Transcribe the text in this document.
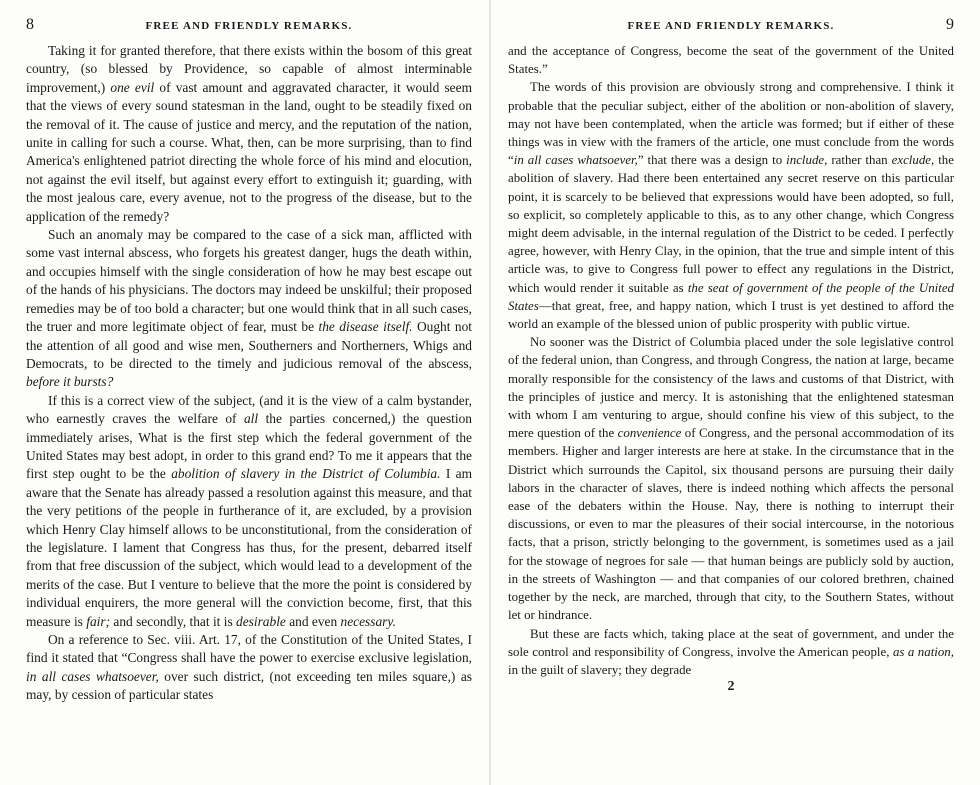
8	FREE AND FRIENDLY REMARKS.

Taking it for granted therefore, that there exists within the bosom of this great country, (so blessed by Providence, so capable of almost interminable improvement,) one evil of vast amount and aggravated character, it would seem that the views of every sound statesman in the land, ought to be steadily fixed on the removal of it. The cause of justice and mercy, and the reputation of the nation, unite in calling for such a course. What, then, can be more surprising, than to find America's enlightened patriot directing the whole force of his mind and elocution, not against the evil itself, but against every effort to extinguish it; guarding, with the most jealous care, every avenue, not to the progress of the disease, but to the application of the remedy?

Such an anomaly may be compared to the case of a sick man, afflicted with some vast internal abscess, who forgets his greatest danger, hugs the death within, and occupies himself with the single consideration of how he may best escape out of the hands of his physicians. The doctors may indeed be unskilful; their proposed remedies may be of too bold a character; but one would think that in all such cases, the truer and more legitimate object of fear, must be the disease itself. Ought not the attention of all good and wise men, Southerners and Northerners, Whigs and Democrats, to be directed to the timely and judicious removal of the abscess, before it bursts?

If this is a correct view of the subject, (and it is the view of a calm bystander, who earnestly craves the welfare of all the parties concerned,) the question immediately arises, What is the first step which the federal government of the United States may best adopt, in order to this grand end? To me it appears that the first step ought to be the abolition of slavery in the District of Columbia. I am aware that the Senate has already passed a resolution against this measure, and that the very petitions of the people in furtherance of it, are excluded, by a provision which Henry Clay himself allows to be unconstitutional, from the consideration of the legislature. I lament that Congress has thus, for the present, debarred itself from that free discussion of the subject, which would lead to a development of the merits of the case. But I venture to believe that the more the point is considered by individual enquirers, the more general will the conviction become, first, that this measure is fair; and secondly, that it is desirable and even necessary.

On a reference to Sec. viii. Art. 17, of the Constitution of the United States, I find it stated that “Congress shall have the power to exercise exclusive legislation, in all cases whatsoever, over such district, (not exceeding ten miles square,) as may, by cession of particular states

FREE AND FRIENDLY REMARKS.	9

and the acceptance of Congress, become the seat of the government of the United States.”

The words of this provision are obviously strong and comprehensive. I think it probable that the peculiar subject, either of the abolition or non-abolition of slavery, may not have been contemplated, when the article was formed; but if either of these things was in view with the framers of the article, one must conclude from the words “in all cases whatsoever,” that there was a design to include, rather than exclude, the abolition of slavery. Had there been entertained any secret reserve on this particular point, it is scarcely to be believed that expressions would have been adopted, so full, so explicit, so completely applicable to this, as to any other change, which Congress might deem advisable, in the internal regulation of the District to be ceded. I perfectly agree, however, with Henry Clay, in the opinion, that the true and simple intent of this article was, to give to Congress full power to effect any regulations in the District, which would render it suitable as the seat of government of the people of the United States—that great, free, and happy nation, which I trust is yet destined to afford the world an example of the blessed union of public prosperity with public virtue.

No sooner was the District of Columbia placed under the sole legislative control of the federal union, than Congress, and through Congress, the nation at large, became morally responsible for the consistency of the laws and customs of that District, with the principles of justice and mercy. It is astonishing that the enlightened statesman with whom I am venturing to argue, should confine his view of this subject, to the mere question of the convenience of Congress, and the personal accommodation of its members. Higher and larger interests are here at stake. In the circumstance that in the District which surrounds the Capitol, six thousand persons are pursuing their daily labors in the character of slaves, there is indeed nothing which affects the personal ease of the debaters within the House. Nay, there is nothing to interrupt their discussions, or even to mar the pleasures of their social intercourse, in the notorious facts, that a prison, strictly belonging to the government, is sometimes used as a jail for the stowage of negroes for sale — that human beings are publicly sold by auction, in the streets of Washington — and that companies of our colored brethren, chained together by the neck, are marched, through that city, to the Southern States, without let or hindrance.

But these are facts which, taking place at the seat of government, and under the sole control and responsibility of Congress, involve the American people, as a nation, in the guilt of slavery; they degrade

2
